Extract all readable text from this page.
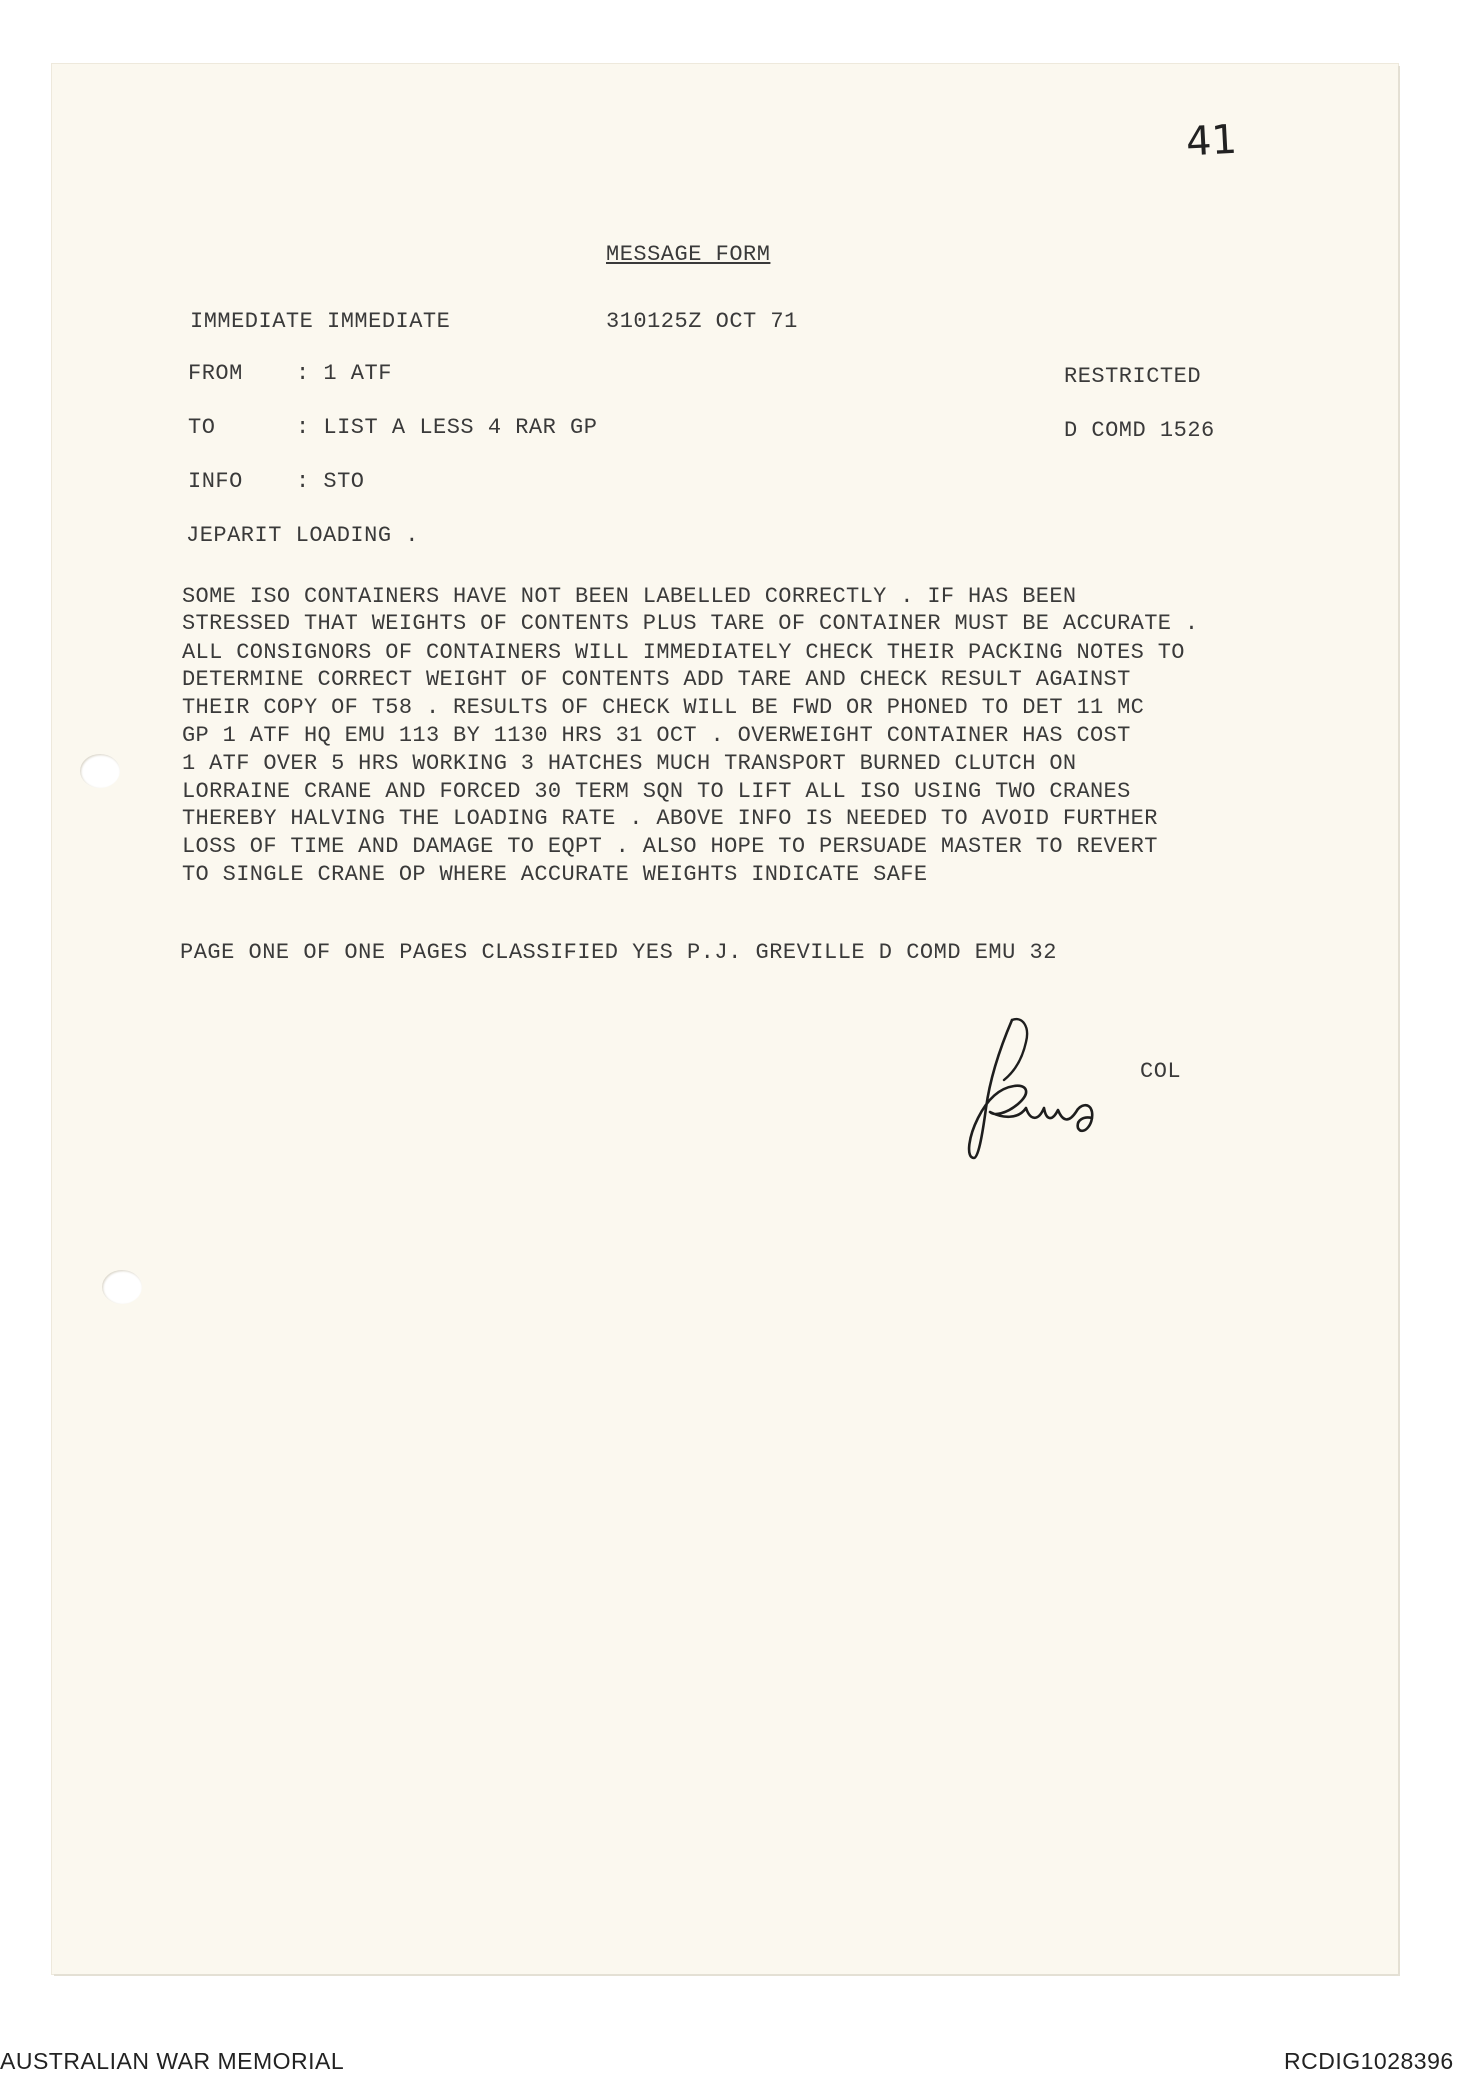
41
MESSAGE FORM
IMMEDIATE IMMEDIATE	310125Z OCT 71
FROM : 1 ATF	RESTRICTED
TO	: LIST A LESS 4 RAR GP	D COMD 1526
INFO : STO
JEPARIT LOADING .
SOME ISO CONTAINERS HAVE NOT BEEN LABELLED CORRECTLY . IF HAS BEEN
STRESSED THAT WEIGHTS OF CONTENTS PLUS TARE OF CONTAINER MUST BE ACCURATE .
ALL CONSIGNORS OF CONTAINERS WILL IMMEDIATELY CHECK THEIR PACKING NOTES TO
DETERMINE CORRECT WEIGHT OF CONTENTS ADD TARE AND CHECK RESULT AGAINST
THEIR COPY OF T58 . RESULTS OF CHECK WILL BE FWD OR PHONED TO DET 11 MC
GP 1 ATF HQ EMU 113 BY 1130 HRS 31 OCT . OVERWEIGHT CONTAINER HAS COST
1 ATF OVER 5 HRS WORKING 3 HATCHES MUCH TRANSPORT BURNED CLUTCH ON
LORRAINE CRANE AND FORCED 30 TERM SQN TO LIFT ALL ISO USING TWO CRANES
THEREBY HALVING THE LOADING RATE . ABOVE INFO IS NEEDED TO AVOID FURTHER
LOSS OF TIME AND DAMAGE TO EQPT . ALSO HOPE TO PERSUADE MASTER TO REVERT
TO SINGLE CRANE OP WHERE ACCURATE WEIGHTS INDICATE SAFE
PAGE ONE OF ONE PAGES CLASSIFIED YES P.J. GREVILLE D COMD EMU 32
COL
AUSTRALIAN WAR MEMORIAL	RCDIG1028396
